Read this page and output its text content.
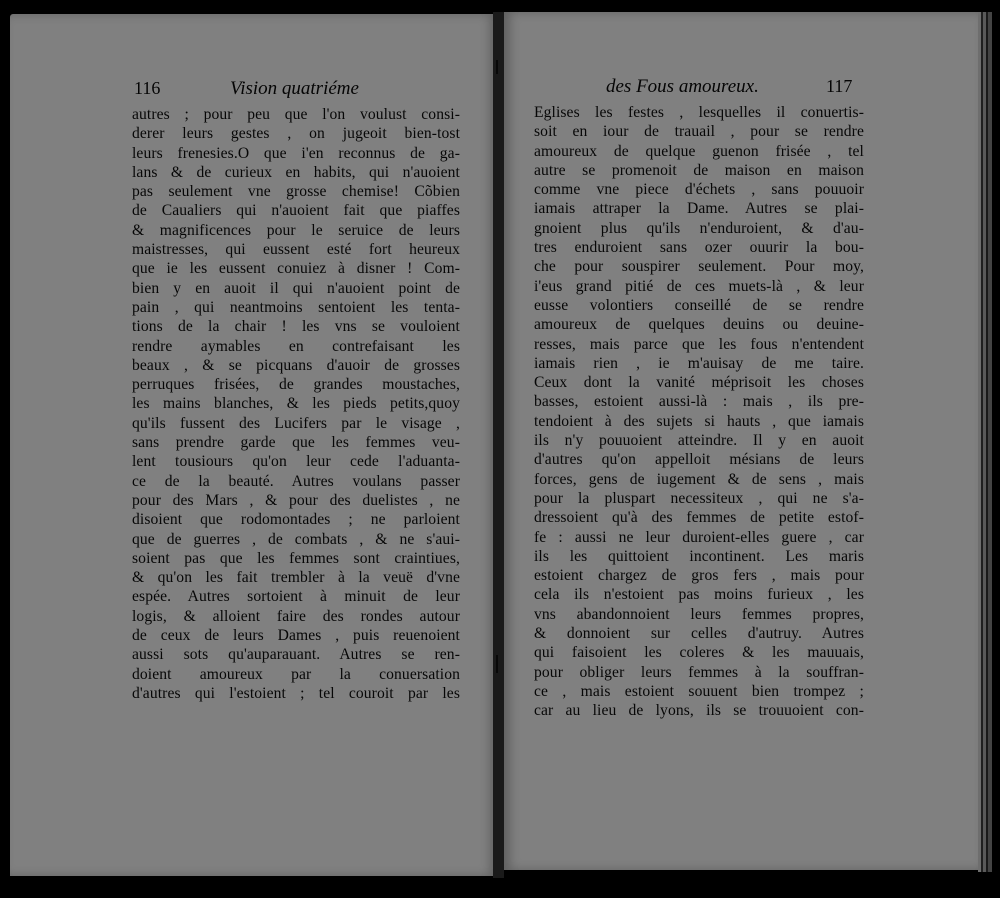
116	Vision quatriéme
autres ; pour peu que l'on voulust consi-
derer leurs gestes , on jugeoit bien-tost
leurs frenesies.O que i'en reconnus de ga-
lans & de curieux en habits, qui n'auoient
pas seulement vne grosse chemise! Cõbien
de Caualiers qui n'auoient fait que piaffes
& magnificences pour le seruice de leurs
maistresses, qui eussent esté fort heureux
que ie les eussent conuiez à disner ! Com-
bien y en auoit il qui n'auoient point de
pain , qui neantmoins sentoient les tenta-
tions de la chair ! les vns se vouloient
rendre aymables en contrefaisant les
beaux , & se picquans d'auoir de grosses
perruques frisées, de grandes moustaches,
les mains blanches, & les pieds petits,quoy
qu'ils fussent des Lucifers par le visage ,
sans prendre garde que les femmes veu-
lent tousiours qu'on leur cede l'aduanta-
ce de la beauté. Autres voulans passer
pour des Mars , & pour des duelistes , ne
disoient que rodomontades ; ne parloient
que de guerres , de combats , & ne s'aui-
soient pas que les femmes sont craintiues,
& qu'on les fait trembler à la veuë d'vne
espée. Autres sortoient à minuit de leur
logis, & alloient faire des rondes autour
de ceux de leurs Dames , puis reuenoient
aussi sots qu'auparauant. Autres se ren-
doient amoureux par la conuersation
d'autres qui l'estoient ; tel couroit par les
des Fous amoureux.	117
Eglises les festes , lesquelles il conuertis-
soit en iour de trauail , pour se rendre
amoureux de quelque guenon frisée , tel
autre se promenoit de maison en maison
comme vne piece d'échets , sans pouuoir
iamais attraper la Dame. Autres se plai-
gnoient plus qu'ils n'enduroient, & d'au-
tres enduroient sans ozer ouurir la bou-
che pour souspirer seulement. Pour moy,
i'eus grand pitié de ces muets-là , & leur
eusse volontiers conseillé de se rendre
amoureux de quelques deuins ou deuine-
resses, mais parce que les fous n'entendent
iamais rien , ie m'auisay de me taire.
Ceux dont la vanité méprisoit les choses
basses, estoient aussi-là : mais , ils pre-
tendoient à des sujets si hauts , que iamais
ils n'y pouuoient atteindre. Il y en auoit
d'autres qu'on appelloit mésians de leurs
forces, gens de iugement & de sens , mais
pour la pluspart necessiteux , qui ne s'a-
dressoient qu'à des femmes de petite estof-
fe : aussi ne leur duroient-elles guere , car
ils les quittoient incontinent. Les maris
estoient chargez de gros fers , mais pour
cela ils n'estoient pas moins furieux , les
vns abandonnoient leurs femmes propres,
& donnoient sur celles d'autruy. Autres
qui faisoient les coleres & les mauuais,
pour obliger leurs femmes à la souffran-
ce , mais estoient souuent bien trompez ;
car au lieu de lyons, ils se trouuoient con-
